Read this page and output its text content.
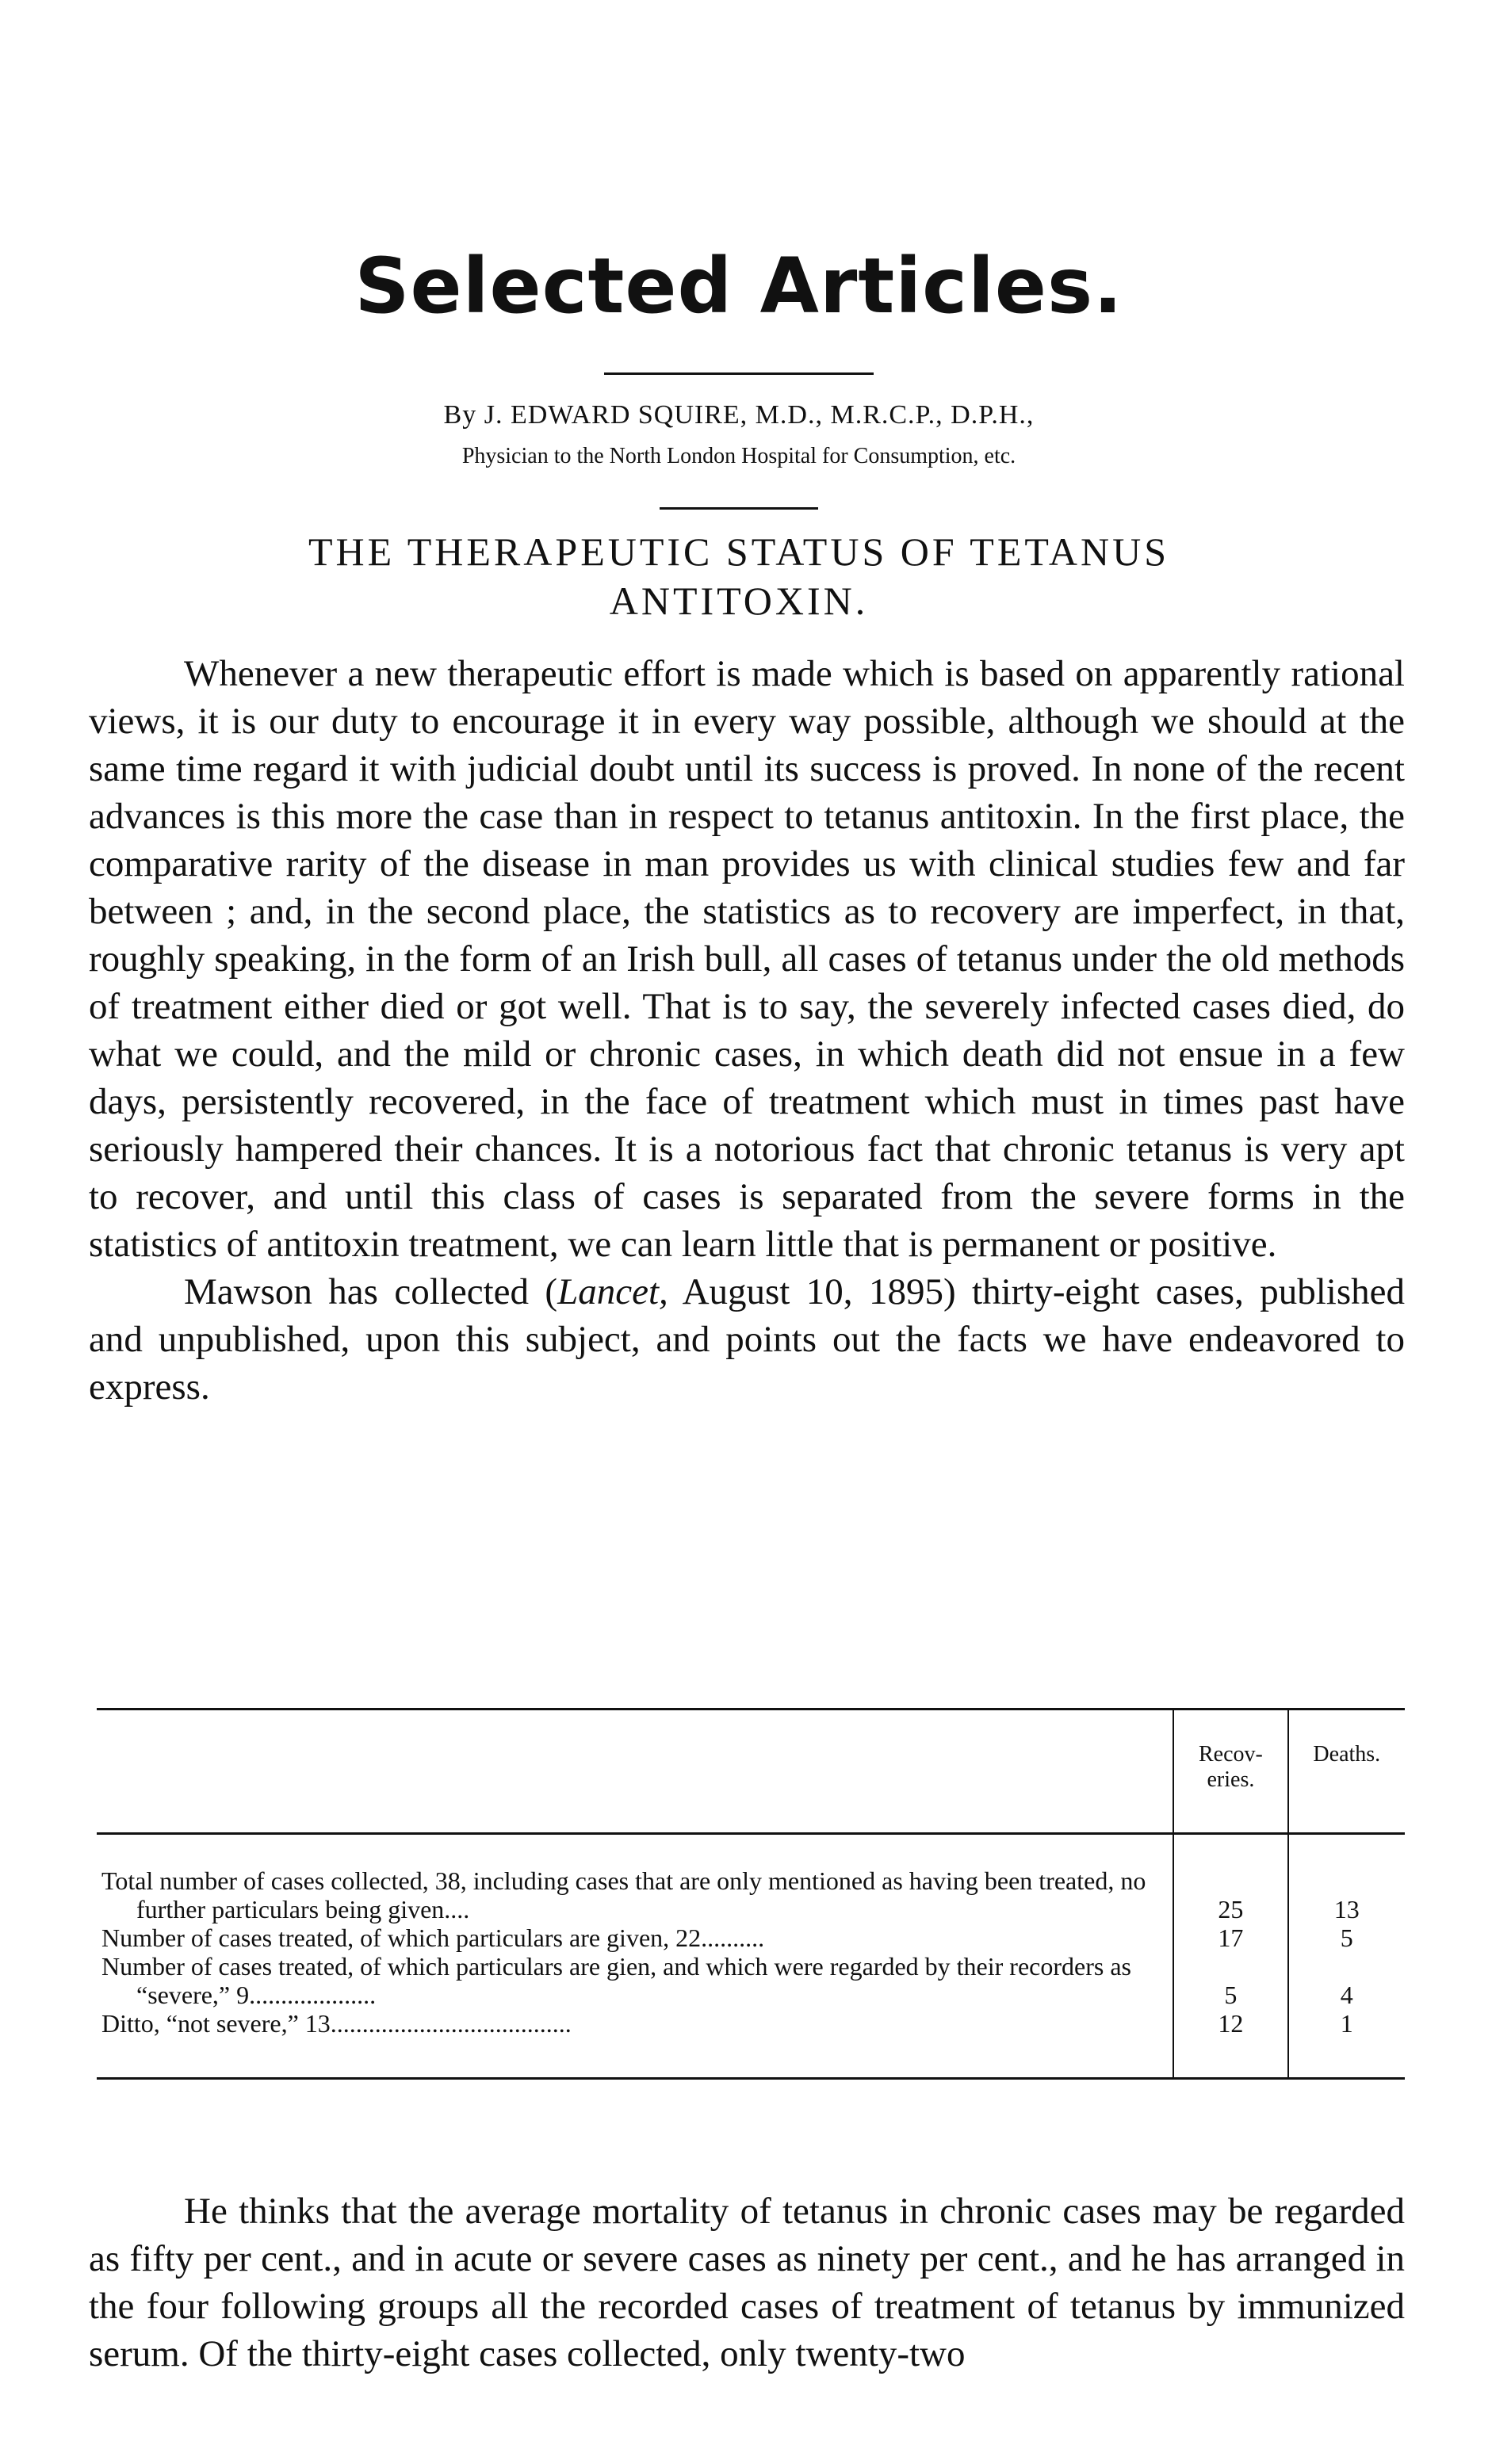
Selected Articles.
By J. EDWARD SQUIRE, M.D., M.R.C.P., D.P.H.,
Physician to the North London Hospital for Consumption, etc.
THE THERAPEUTIC STATUS OF TETANUS
ANTITOXIN.

Whenever a new therapeutic effort is made which is based on apparently rational views, it is our duty to encourage it in every way possible, although we should at the same time regard it with judicial doubt until its success is proved. In none of the recent advances is this more the case than in respect to tetanus antitoxin. In the first place, the comparative rarity of the disease in man provides us with clinical studies few and far between ; and, in the second place, the statistics as to recovery are imperfect, in that, roughly speaking, in the form of an Irish bull, all cases of tetanus under the old methods of treatment either died or got well. That is to say, the severely infected cases died, do what we could, and the mild or chronic cases, in which death did not ensue in a few days, persistently recovered, in the face of treatment which must in times past have seriously hampered their chances. It is a notorious fact that chronic tetanus is very apt to recover, and until this class of cases is separated from the severe forms in the statistics of antitoxin treatment, we can learn little that is permanent or positive.

Mawson has collected (Lancet, August 10, 1895) thirty-eight cases, published and unpublished, upon this subject, and points out the facts we have endeavored to express.

	Recov-eries.	Deaths.
Total number of cases collected, 38, including cases that are only mentioned as having been treated, no further particulars being given....	25	13
Number of cases treated, of which particulars are given, 22..........	17	5
Number of cases treated, of which particulars are gien, and which were regarded by their recorders as “severe,” 9....................	5	4
Ditto, “not severe,” 13......................................	12	1

He thinks that the average mortality of tetanus in chronic cases may be regarded as fifty per cent., and in acute or severe cases as ninety per cent., and he has arranged in the four following groups all the recorded cases of treatment of tetanus by immunized serum. Of the thirty-eight cases collected, only twenty-two
